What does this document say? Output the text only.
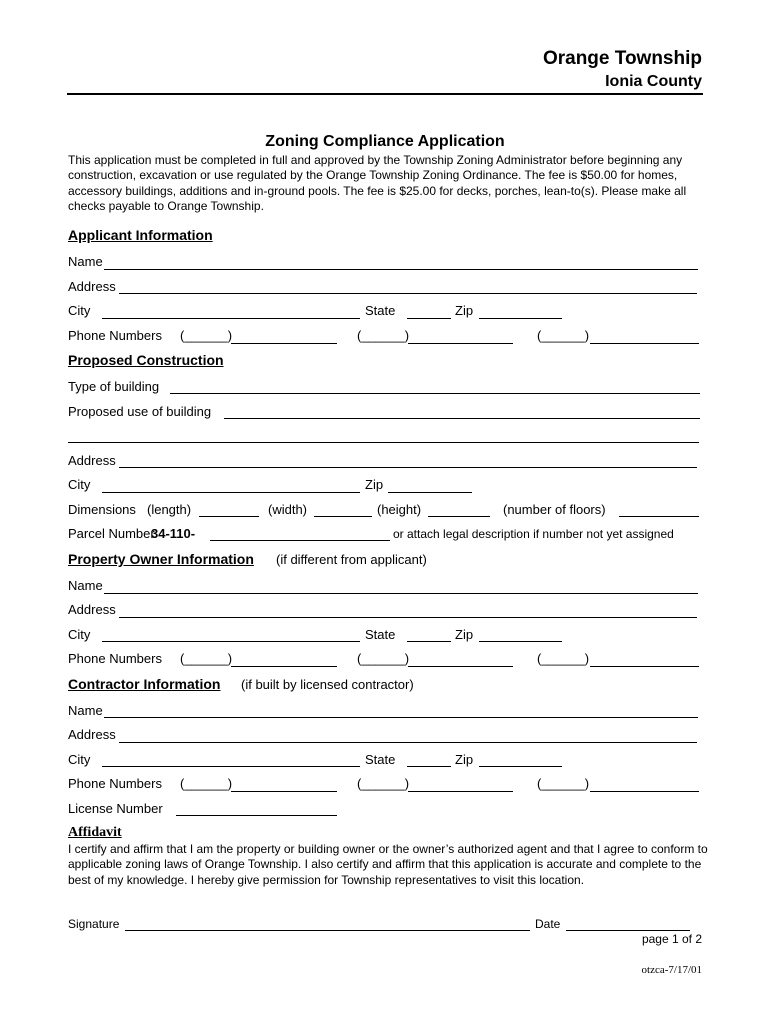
Orange Township
Ionia County
Zoning Compliance Application
This application must be completed in full and approved by the Township Zoning Administrator before beginning any construction, excavation or use regulated by the Orange Township Zoning Ordinance. The fee is $50.00 for homes, accessory buildings, additions and in-ground pools. The fee is $25.00 for decks, porches, lean-to(s). Please make all checks payable to Orange Township.
Applicant Information
Name
Address
City	State	Zip
Phone Numbers (______)	(______)	(______)
Proposed Construction
Type of building
Proposed use of building
Address
City	Zip
Dimensions (length)	(width)	(height)	(number of floors)
Parcel Number
34-110-	or attach legal description if number not yet assigned
Property Owner Information (if different from applicant)
Name
Address
City	State	Zip
Phone Numbers (______)	(______)	(______)
Contractor Information (if built by licensed contractor)
Name
Address
City	State	Zip
Phone Numbers (______)	(______)	(______)
License Number
Affidavit
I certify and affirm that I am the property or building owner or the owner’s authorized agent and that I agree to conform to applicable zoning laws of Orange Township. I also certify and affirm that this application is accurate and complete to the best of my knowledge. I hereby give permission for Township representatives to visit this location.
Signature	Date
page 1 of 2
otzca-7/17/01
